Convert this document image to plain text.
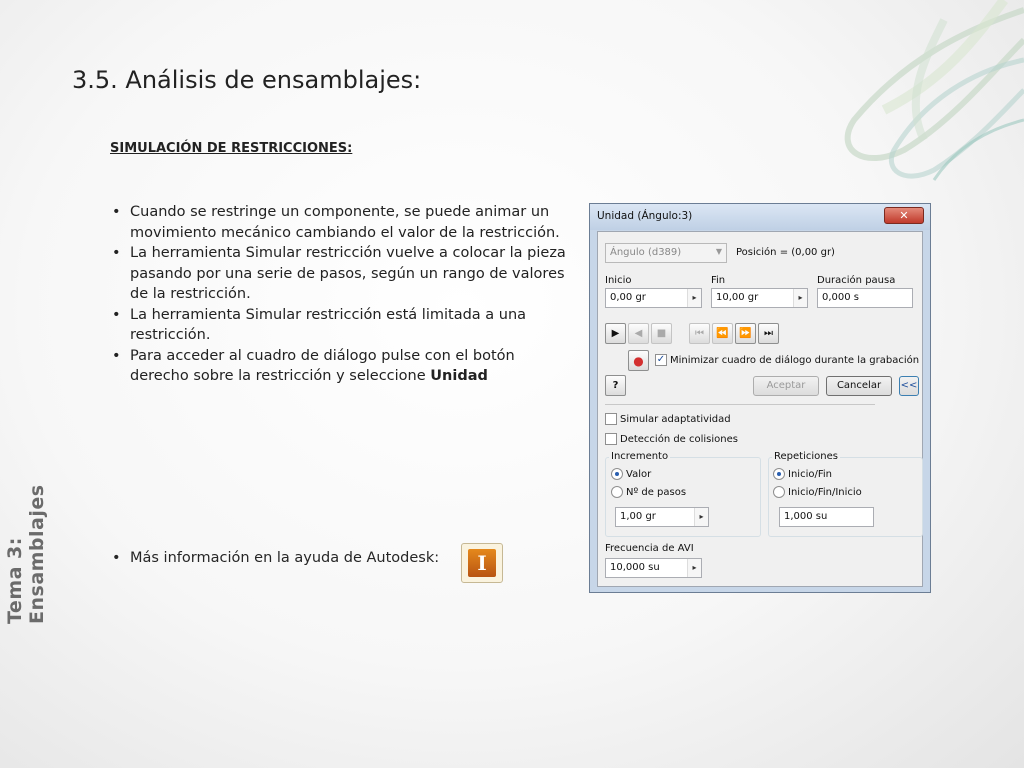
3.5. Análisis de ensamblajes:
SIMULACIÓN DE RESTRICCIONES:
• Cuando se restringe un componente, se puede animar un movimiento mecánico cambiando el valor de la restricción.
• La herramienta Simular restricción vuelve a colocar la pieza pasando por una serie de pasos, según un rango de valores de la restricción.
• La herramienta Simular restricción está limitada a una restricción.
• Para acceder al cuadro de diálogo pulse con el botón derecho sobre la restricción y seleccione Unidad
• Más información en la ayuda de Autodesk:	I
Tema 3: Ensamblajes
Unidad (Ángulo:3)	✕
Ángulo (d389)	▼ Posición = (0,00 gr)
Inicio
0,00 gr	▸
Fin
10,00 gr	▸
Duración pausa
0,000 s
▶ ◀ ■	⏮ ⏪ ⏩ ⏭
● ✓ Minimizar cuadro de diálogo durante la grabación
?	Aceptar	Cancelar	<<
Simular adaptatividad
Detección de colisiones
Incremento
Valor
Nº de pasos
1,00 gr	▸
Repeticiones
Inicio/Fin
Inicio/Fin/Inicio
1,000 su
Frecuencia de AVI
10,000 su	▸
